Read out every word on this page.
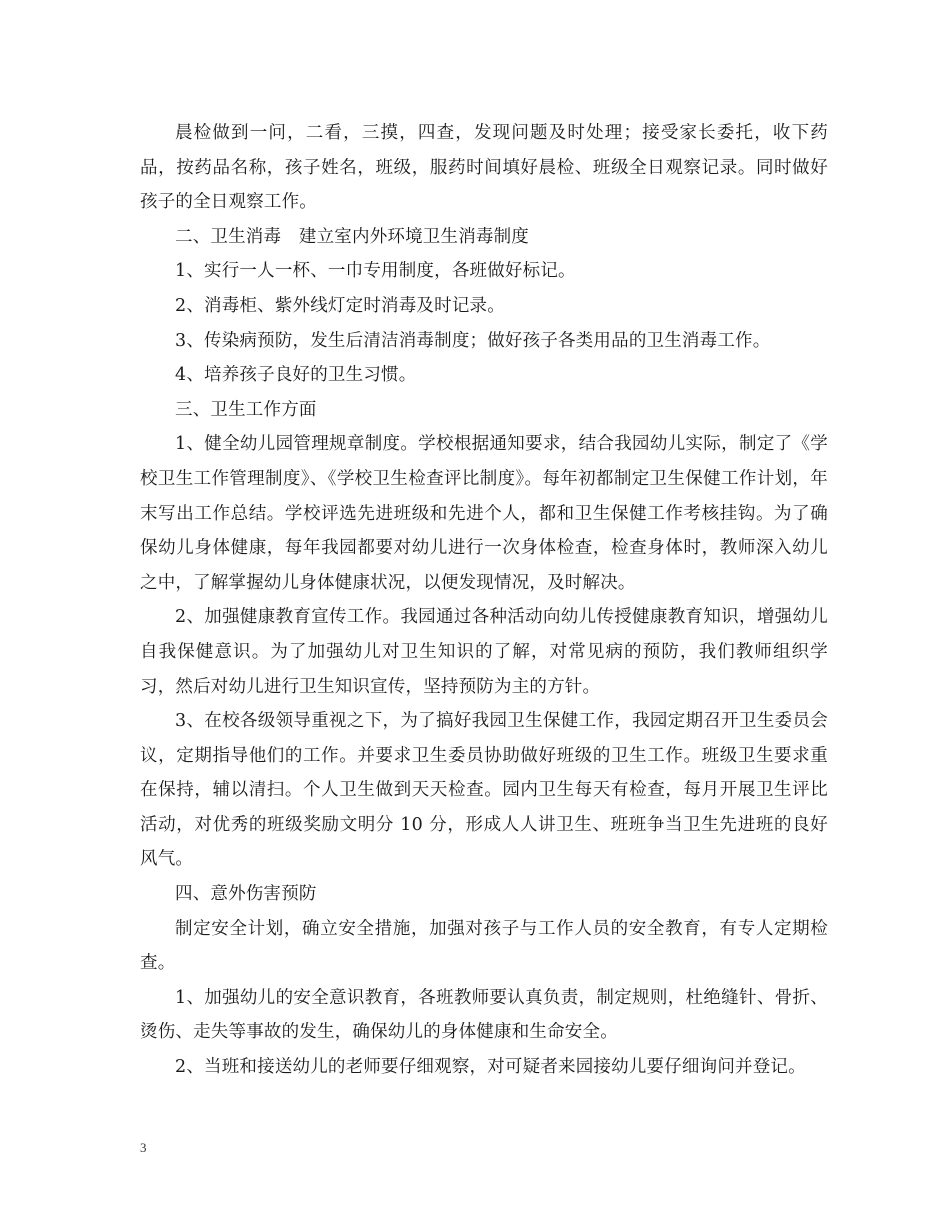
晨检做到一问，二看，三摸，四查，发现问题及时处理；接受家长委托，收下药品，按药品名称，孩子姓名，班级，服药时间填好晨检、班级全日观察记录。同时做好孩子的全日观察工作。

二、卫生消毒　建立室内外环境卫生消毒制度

1、实行一人一杯、一巾专用制度，各班做好标记。

2、消毒柜、紫外线灯定时消毒及时记录。

3、传染病预防，发生后清洁消毒制度；做好孩子各类用品的卫生消毒工作。

4、培养孩子良好的卫生习惯。

三、卫生工作方面

1、健全幼儿园管理规章制度。学校根据通知要求，结合我园幼儿实际，制定了《学校卫生工作管理制度》、《学校卫生检查评比制度》。每年初都制定卫生保健工作计划，年末写出工作总结。学校评选先进班级和先进个人，都和卫生保健工作考核挂钩。为了确保幼儿身体健康，每年我园都要对幼儿进行一次身体检查，检查身体时，教师深入幼儿之中，了解掌握幼儿身体健康状况，以便发现情况，及时解决。

2、加强健康教育宣传工作。我园通过各种活动向幼儿传授健康教育知识，增强幼儿自我保健意识。为了加强幼儿对卫生知识的了解，对常见病的预防，我们教师组织学习，然后对幼儿进行卫生知识宣传，坚持预防为主的方针。

3、在校各级领导重视之下，为了搞好我园卫生保健工作，我园定期召开卫生委员会议，定期指导他们的工作。并要求卫生委员协助做好班级的卫生工作。班级卫生要求重在保持，辅以清扫。个人卫生做到天天检查。园内卫生每天有检查，每月开展卫生评比活动，对优秀的班级奖励文明分 10 分，形成人人讲卫生、班班争当卫生先进班的良好风气。

四、意外伤害预防

制定安全计划，确立安全措施，加强对孩子与工作人员的安全教育，有专人定期检查。

1、加强幼儿的安全意识教育，各班教师要认真负责，制定规则，杜绝缝针、骨折、烫伤、走失等事故的发生，确保幼儿的身体健康和生命安全。

2、当班和接送幼儿的老师要仔细观察，对可疑者来园接幼儿要仔细询问并登记。

3
